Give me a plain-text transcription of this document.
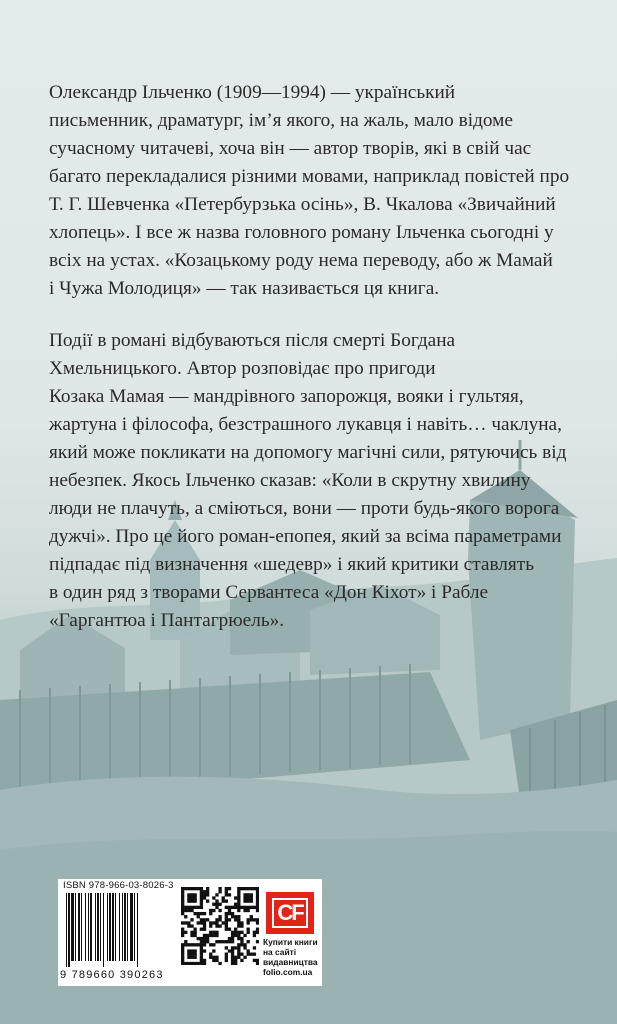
Олександр Ільченко (1909—1994) — український
письменник, драматург, ім’я якого, на жаль, мало відоме
сучасному читачеві, хоча він — автор творів, які в свій час
багато перекладалися різними мовами, наприклад повістей про
Т. Г. Шевченка «Петербурзька осінь», В. Чкалова «Звичайний
хлопець». І все ж назва головного роману Ільченка сьогодні у
всіх на устах. «Козацькому роду нема переводу, або ж Мамай
і Чужа Молодиця» — так називається ця книга.

Події в романі відбуваються після смерті Богдана
Хмельницького. Автор розповідає про пригоди
Козака Мамая — мандрівного запорожця, вояки і гультяя,
жартуна і філософа, безстрашного лукавця і навіть… чаклуна,
який може покликати на допомогу магічні сили, рятуючись від
небезпек. Якось Ільченко сказав: «Коли в скрутну хвилину
люди не плачуть, а сміються, вони — проти будь-якого ворога
дужчі». Про це його роман-епопея, який за всіма параметрами
підпадає під визначення «шедевр» і який критики ставлять
в один ряд з творами Сервантеса «Дон Кіхот» і Рабле
«Гаргантюа і Пантагрюель».

ISBN 978-966-03-8026-3
9 789660 390263
CF
Купити книги
на сайті
видавництва
folio.com.ua
